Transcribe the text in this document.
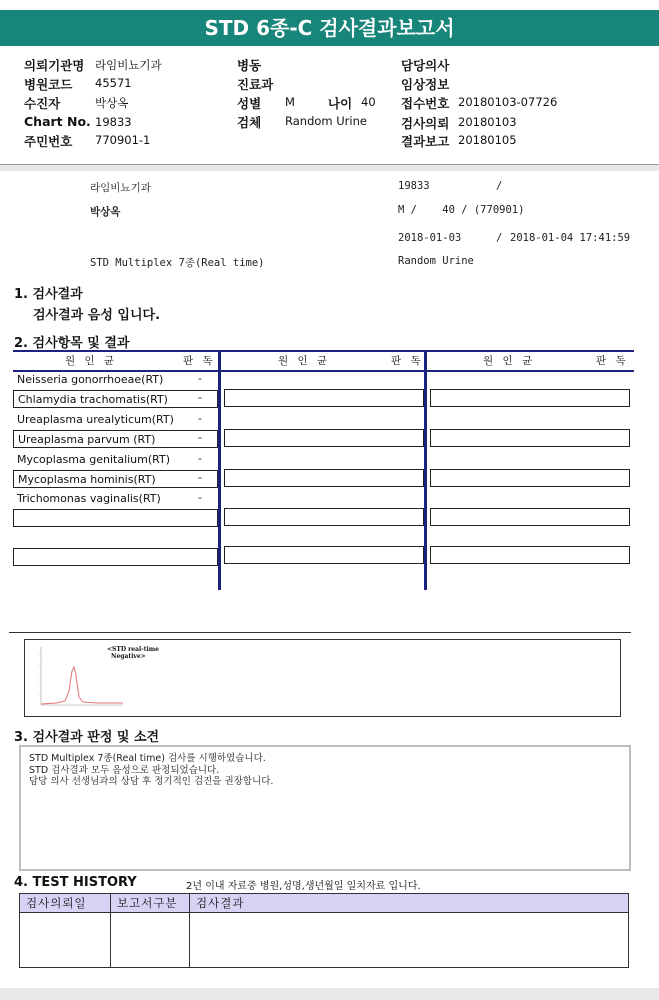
STD 6종-C 검사결과보고서
의뢰기관명 라임비뇨기과
병원코드 45571
수진자	박상옥
Chart No. 19833
주민번호 770901-1
병동
진료과
성별 M	나이 40
검체 Random Urine
담당의사
임상정보
접수번호 20180103-07726
검사의뢰 20180103
결과보고 20180105
라임비뇨기과	19833	/
박상옥	M /    40 / (770901)
2018-01-03	/ 2018-01-04 17:41:59
STD Multiplex 7종(Real time)	Random Urine
1. 검사결과
검사결과 음성 입니다.
2. 검사항목 및 결과
원 인 균	판 독	원 인 균	판 독	원 인 균	판 독
Neisseria gonorrhoeae(RT)	-
Chlamydia trachomatis(RT)	-
Ureaplasma urealyticum(RT)	-
Ureaplasma parvum (RT)	-
Mycoplasma genitalium(RT)	-
Mycoplasma hominis(RT)	-
Trichomonas vaginalis(RT)	-
<STD real-time
Negative>
3. 검사결과 판정 및 소견
STD Multiplex 7종(Real time) 검사를 시행하였습니다.
STD 검사결과 모두 음성으로 판정되었습니다.
담당 의사 선생님과의 상담 후 정기적인 검진을 권장합니다.
4. TEST HISTORY	2년 이내 자료중 병원,성명,생년월일 일치자료 입니다.
검사의뢰일	보고서구분	검사결과
